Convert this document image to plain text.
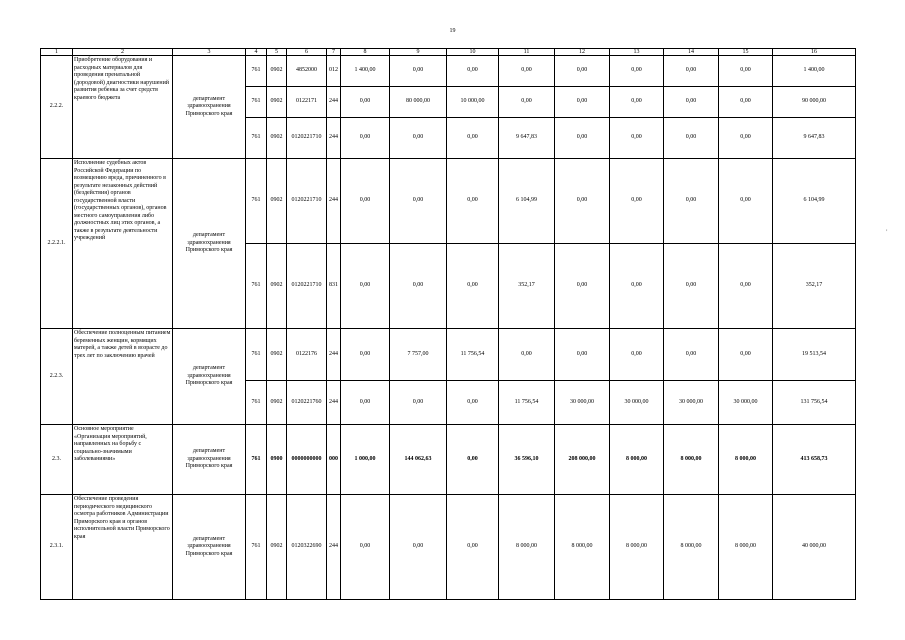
19
1	2	3	4	5	6	7	8	9	10	11	12	13	14	15	16
2.2.2.	Приобретение оборудования и расходных материалов для проведения пренатальной (дородовой) диагностики нарушений развития ребенка за счет средств краевого бюджета	департамент здравоохранения Приморского края	761	0902	4852000	012	1 400,00	0,00	0,00	0,00	0,00	0,00	0,00	0,00	1 400,00
			761	0902	0122171	244	0,00	80 000,00	10 000,00	0,00	0,00	0,00	0,00	0,00	90 000,00
			761	0902	0120221710	244	0,00	0,00	0,00	9 647,83	0,00	0,00	0,00	0,00	9 647,83
2.2.2.1.	Исполнение судебных актов Российской Федерации по возмещению вреда, причиненного в результате незаконных действий (бездействия) органов государственной власти (государственных органов), органов местного самоуправления либо должностных лиц этих органов, а также в результате деятельности учреждений	департамент здравоохранения Приморского края	761	0902	0120221710	244	0,00	0,00	0,00	6 104,99	0,00	0,00	0,00	0,00	6 104,99
			761	0902	0120221710	831	0,00	0,00	0,00	352,17	0,00	0,00	0,00	0,00	352,17
2.2.3.	Обеспечение полноценным питанием беременных женщин, кормящих матерей, а также детей в возрасте до трех лет по заключению врачей	департамент здравоохранения Приморского края	761	0902	0122176	244	0,00	7 757,00	11 756,54	0,00	0,00	0,00	0,00	0,00	19 513,54
			761	0902	0120221760	244	0,00	0,00	0,00	11 756,54	30 000,00	30 000,00	30 000,00	30 000,00	131 756,54
2.3.	Основное мероприятие «Организация мероприятий, направленных на борьбу с социально-значимыми заболеваниями»	департамент здравоохранения Приморского края	761	0900	0000000000	000	1 000,00	144 062,63	0,00	36 596,10	208 000,00	8 000,00	8 000,00	8 000,00	413 658,73
2.3.1.	Обеспечение проведения периодического медицинского осмотра работников Администрации Приморского края и органов исполнительной власти Приморского края	департамент здравоохранения Приморского края	761	0902	0120322690	244	0,00	0,00	0,00	8 000,00	8 000,00	8 000,00	8 000,00	8 000,00	40 000,00
,
